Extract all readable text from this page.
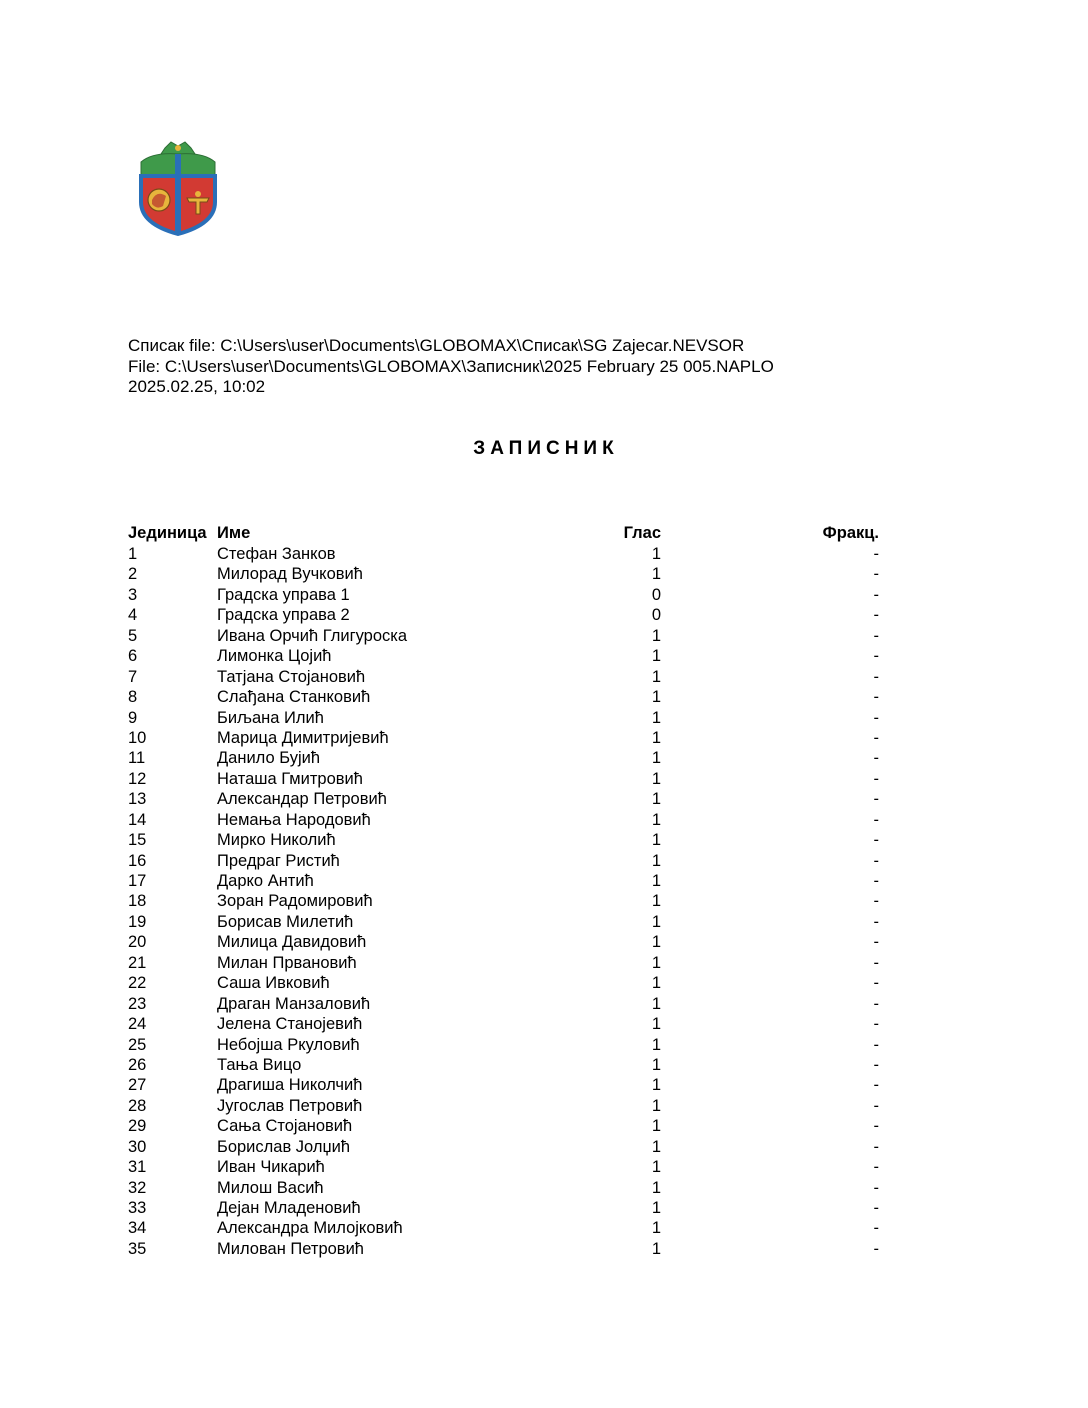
Списак file: C:\Users\user\Documents\GLOBOMAX\Списак\SG Zajecar.NEVSOR
File: C:\Users\user\Documents\GLOBOMAX\Записник\2025 February 25 005.NAPLO
2025.02.25, 10:02
ЗАПИСНИК
Јединица Име	Глас	Фракц.
1	Стефан Занков	1	-
2	Милорад Вучковић	1	-
3	Градска управа 1	0	-
4	Градска управа 2	0	-
5	Ивана Орчић Глигуроска	1	-
6	Лимонка Цојић	1	-
7	Татјана Стојановић	1	-
8	Слађана Станковић	1	-
9	Биљана Илић	1	-
10	Марица Димитријевић	1	-
11	Данило Бујић	1	-
12	Наташа Гмитровић	1	-
13	Александар Петровић	1	-
14	Немања Народовић	1	-
15	Мирко Николић	1	-
16	Предраг Ристић	1	-
17	Дарко Антић	1	-
18	Зоран Радомировић	1	-
19	Борисав Милетић	1	-
20	Милица Давидовић	1	-
21	Милан Првановић	1	-
22	Саша Ивковић	1	-
23	Драган Манзаловић	1	-
24	Јелена Станојевић	1	-
25	Небојша Ркуловић	1	-
26	Тања Вицо	1	-
27	Драгиша Николчић	1	-
28	Југослав Петровић	1	-
29	Сања Стојановић	1	-
30	Борислав Јолџић	1	-
31	Иван Чикарић	1	-
32	Милош Васић	1	-
33	Дејан Младеновић	1	-
34	Александра Милојковић	1	-
35	Милован Петровић	1	-
